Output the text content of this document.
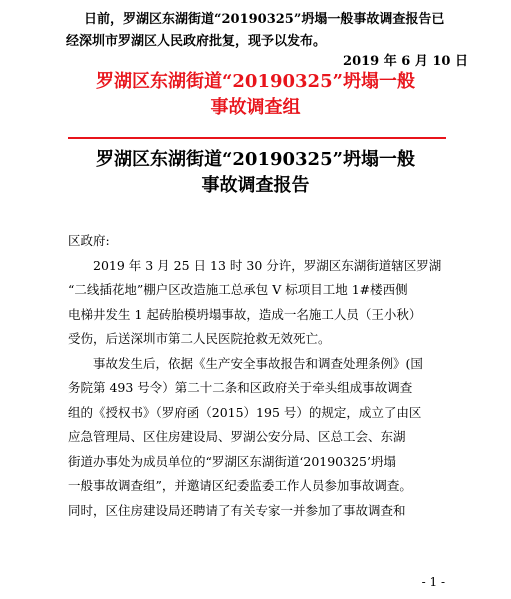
日前，罗湖区东湖街道“20190325”坍塌一般事故调查报告已

经深圳市罗湖区人民政府批复，现予以发布。

2019 年 6 月 10 日

罗湖区东湖街道“20190325”坍塌一般

事故调查组

罗湖区东湖街道“20190325”坍塌一般

事故调查报告

区政府:

2019 年 3 月 25 日 13 时 30 分许，罗湖区东湖街道辖区罗湖

“二线插花地”棚户区改造施工总承包 V 标项目工地 1#楼西侧

电梯井发生 1 起砖胎模坍塌事故，造成一名施工人员（王小秋）

受伤，后送深圳市第二人民医院抢救无效死亡。

事故发生后，依据《生产安全事故报告和调查处理条例》(国

务院第 493 号令）第二十二条和区政府关于牵头组成事故调查

组的《授权书》（罗府函（2015）195 号）的规定，成立了由区

应急管理局、区住房建设局、罗湖公安分局、区总工会、东湖

街道办事处为成员单位的“罗湖区东湖街道‘20190325’坍塌

一般事故调查组”，并邀请区纪委监委工作人员参加事故调查。

同时，区住房建设局还聘请了有关专家一并参加了事故调查和

- 1 -
